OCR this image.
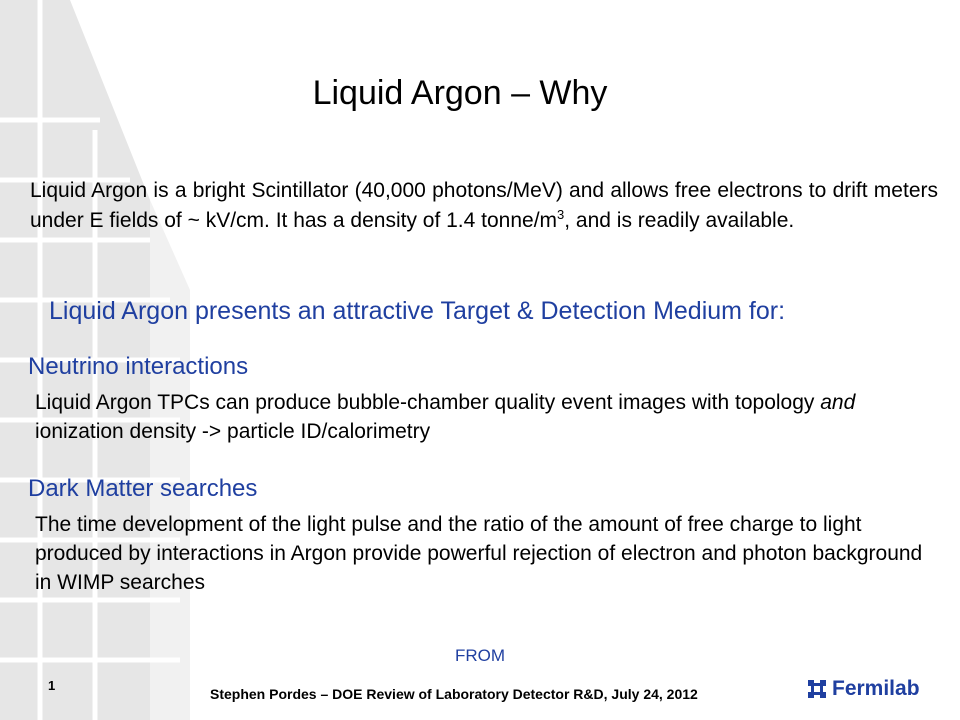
Liquid Argon – Why

Liquid Argon is a bright Scintillator (40,000 photons/MeV) and allows free electrons to drift meters under E fields of ~ kV/cm. It has a density of 1.4 tonne/$m^3$, and is readily available.

Liquid Argon presents an attractive Target & Detection Medium for:

Neutrino interactions

Liquid Argon TPCs can produce bubble-chamber quality event images with topology and ionization density -> particle ID/calorimetry

Dark Matter searches

The time development of the light pulse and the ratio of the amount of free charge to light produced by interactions in Argon provide powerful rejection of electron and photon background in WIMP searches

FROM
1
Stephen Pordes – DOE Review of Laboratory Detector R&D, July 24, 2012	Fermilab
